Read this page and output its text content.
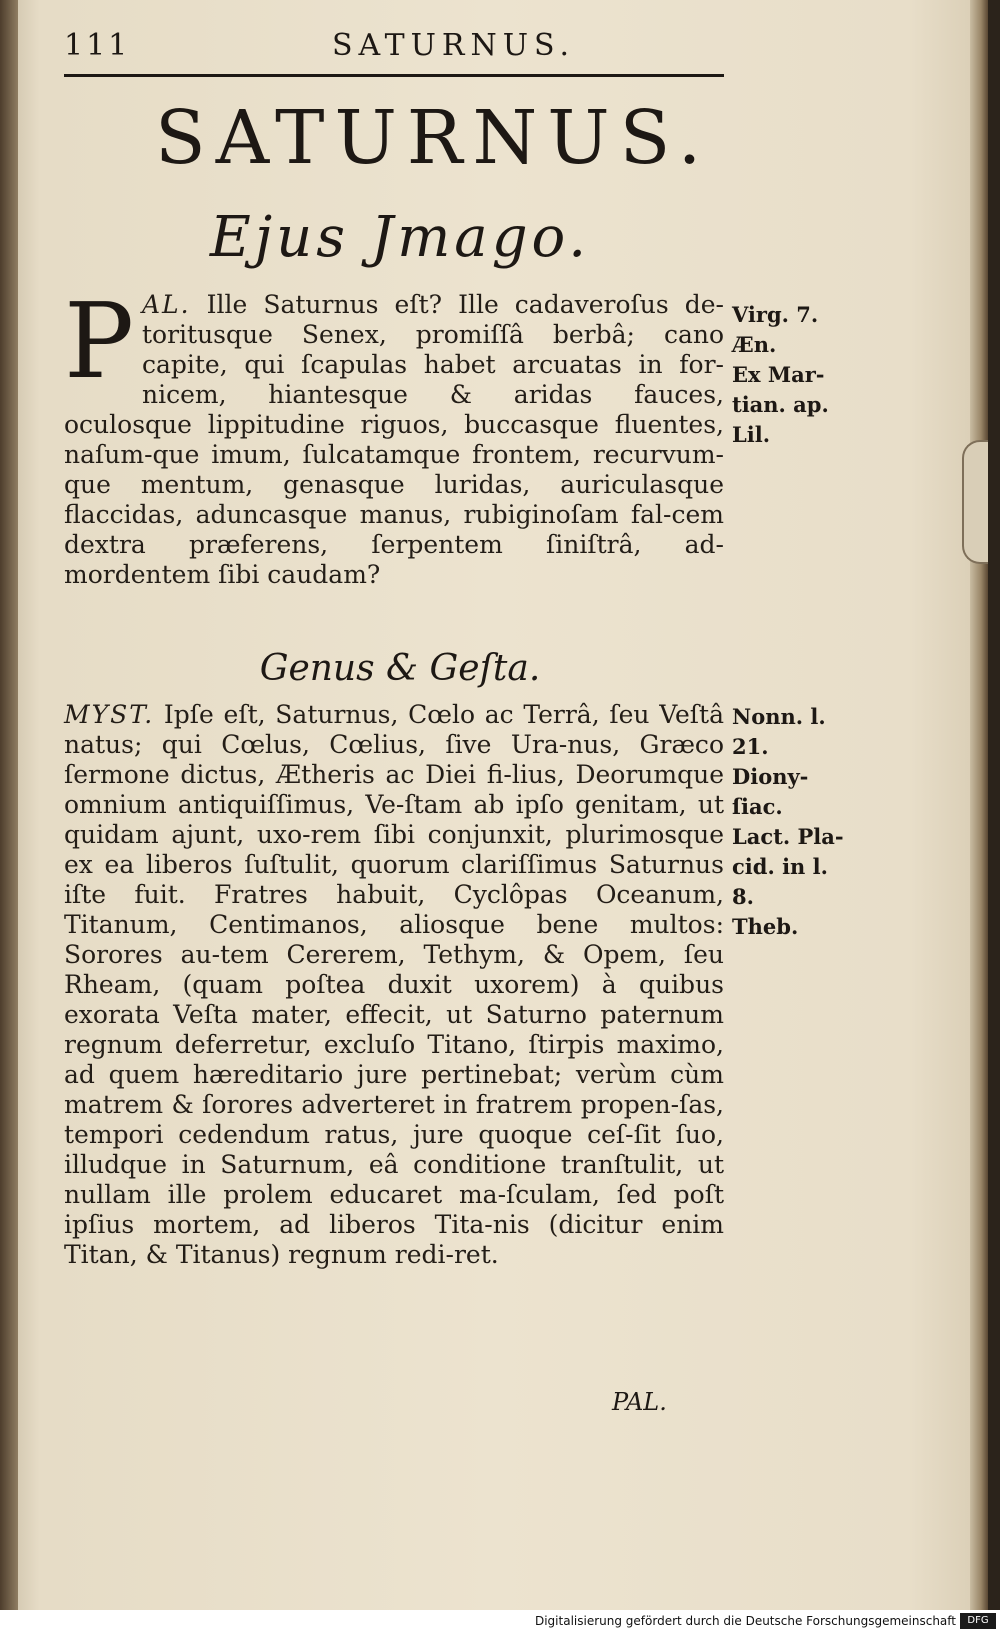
111	SATURNUS.
SATURNUS.
Ejus Jmago.
P AL. Ille Saturnus eſt? Ille cadaveroſus de-toritusque Senex, promiſſâ berbâ; cano capite, qui ſcapulas habet arcuatas in for-nicem, hiantesque & aridas fauces, oculosque lippitudine riguos, buccasque fluentes, naſum-que imum, ſulcatamque frontem, recurvum-que mentum, genasque luridas, auriculasque flaccidas, aduncasque manus, rubiginoſam fal-cem dextra præferens, ſerpentem ſiniſtrâ, ad-mordentem ſibi caudam?
Virg. 7.
Æn.
Ex Mar-
tian. ap.
Lil.
Genus & Geſta.
MYST. Ipſe eſt, Saturnus, Cœlo ac Terrâ, ſeu Veſtâ natus; qui Cœlus, Cœlius, ſive Ura-nus, Græco ſermone dictus, Ætheris ac Diei fi-lius, Deorumque omnium antiquiſſimus, Ve-ſtam ab ipſo genitam, ut quidam ajunt, uxo-rem ſibi conjunxit, plurimosque ex ea liberos ſuſtulit, quorum clariſſimus Saturnus iſte fuit. Fratres habuit, Cyclôpas Oceanum, Titanum, Centimanos, aliosque bene multos: Sorores au-tem Cererem, Tethym, & Opem, ſeu Rheam, (quam poſtea duxit uxorem) à quibus exorata Veſta mater, effecit, ut Saturno paternum regnum deferretur, excluſo Titano, ſtirpis maximo, ad quem hæreditario jure pertinebat; verùm cùm matrem & ſorores adverteret in fratrem propen-ſas, tempori cedendum ratus, jure quoque ceſ-ſit ſuo, illudque in Saturnum, eâ conditione tranſtulit, ut nullam ille prolem educaret ma-ſculam, ſed poſt ipſius mortem, ad liberos Tita-nis (dicitur enim Titan, & Titanus) regnum redi-ret.
Nonn. l.
21. Diony-
ſiac.
Lact. Pla-
cid. in l. 8.
Theb.
PAL.
Digitalisierung gefördert durch die Deutsche Forschungsgemeinschaft	DFG
